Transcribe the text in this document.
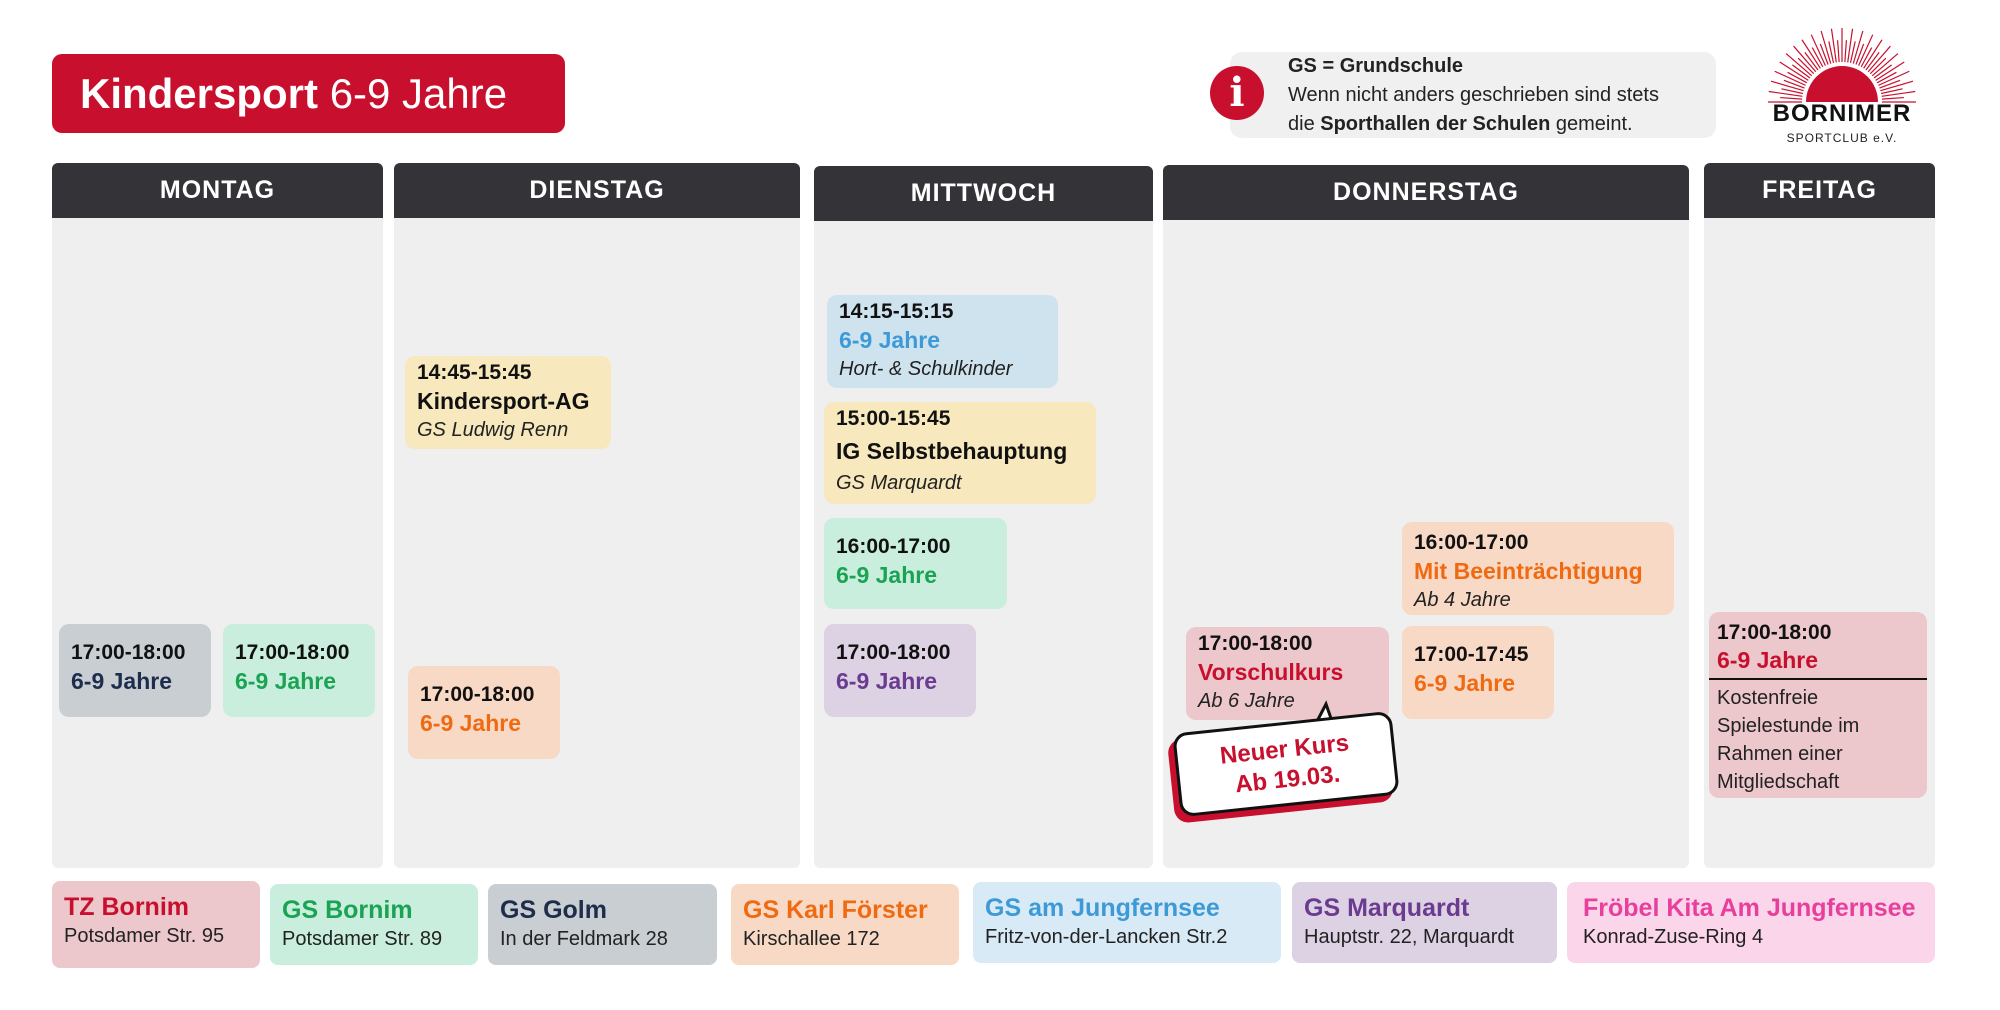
Kindersport 6-9 Jahre	i
GS = Grundschule
Wenn nicht anders geschrieben sind stets
die Sporthallen der Schulen gemeint.	BORNIMER
SPORTCLUB e.V.
MONTAG	DIENSTAG	MITTWOCH	DONNERSTAG	FREITAG
17:00-18:00
6-9 Jahre
17:00-18:00
6-9 Jahre
14:45-15:45
Kindersport-AG
GS Ludwig Renn
17:00-18:00
6-9 Jahre
14:15-15:15
6-9 Jahre
Hort- & Schulkinder
15:00-15:45
IG Selbstbehauptung
GS Marquardt
16:00-17:00
6-9 Jahre
17:00-18:00
6-9 Jahre
16:00-17:00
Mit Beeinträchtigung
Ab 4 Jahre
17:00-18:00
Vorschulkurs
Ab 6 Jahre
17:00-17:45
6-9 Jahre
Neuer Kurs
Ab 19.03.
17:00-18:00
6-9 Jahre
Kostenfreie Spielestunde im Rahmen einer Mitgliedschaft
TZ Bornim
Potsdamer Str. 95
GS Bornim
Potsdamer Str. 89
GS Golm
In der Feldmark 28
GS Karl Förster
Kirschallee 172
GS am Jungfernsee
Fritz-von-der-Lancken Str.2
GS Marquardt
Hauptstr. 22, Marquardt
Fröbel Kita Am Jungfernsee
Konrad-Zuse-Ring 4
